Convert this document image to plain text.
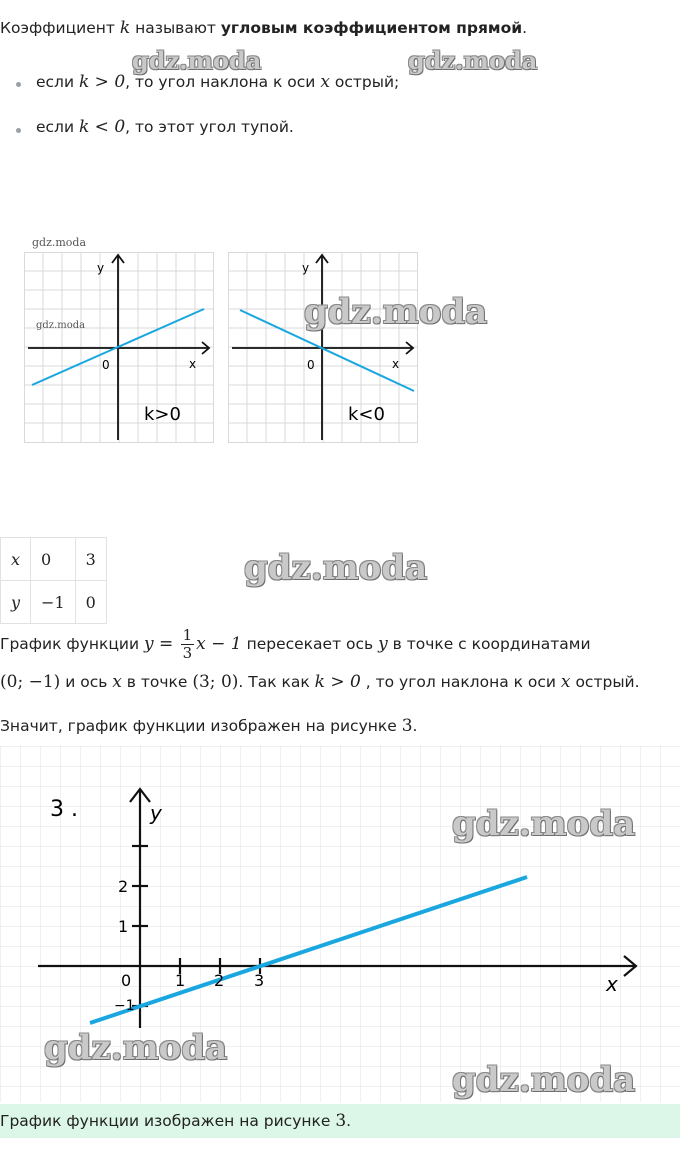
Коэффициент k называют угловым коэффициентом прямой.
gdz.moda	gdz.moda
если k > 0, то угол наклона к оси x острый;
если k < 0, то этот угол тупой.
gdz.moda
y
x
0
k>0
gdz.moda
y
x
0
k<0
gdz.moda
x	0	3
y	−1	0
gdz.moda
График функции $y = \frac{1}{3}$ x − 1 пересекает ось y в точке с координатами
(0; −1) и ось x в точке (3; 0). Так как k > 0 , то угол наклона к оси x острый.
Значит, график функции изображен на рисунке 3.
3 .	y
x
0	1 2 3
2
1
−1
gdz.moda
gdz.moda
gdz.moda
График функции изображен на рисунке 3.
